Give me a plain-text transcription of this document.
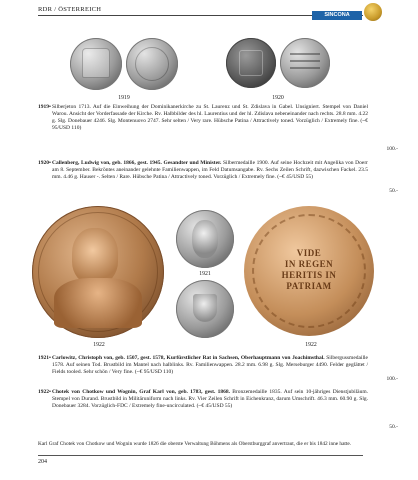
RDR / ÖSTERREICH
SINCONA
1919	1920
1919• Silberjeton 1713. Auf die Einweihung der Dominikanerkirche zu St. Laurenz und St. Zdislava in Gabel. Unsigniert. Stempel von Daniel Warou. Ansicht der Vorderfassade der Kirche. Rv. Halbbilder des hl. Laurentius und der hl. Zdislava nebeneinander nach rechts. 28.8 mm. 4.22 g. Slg. Donebauer 4246. Slg. Montenuovo 2747. Sehr selten / Very rare. Hübsche Patina / Attractively toned. Vorzüglich / Extremely fine. (~€ 95/USD 110)
100.-
1920• Callenberg, Ludwig von, geb. 1866, gest. 1945. Gesandter und Minister. Silbermedaille 1900. Auf seine Hochzeit mit Angelika von Doerr am 8. September. Bekröntes aneinander gelehnte Familienwappen, im Feld Datumsangabe. Rv. Sechs Zeilen Schrift, dazwischen Fackel. 23.5 mm. 4.46 g. Hauser -. Selten / Rare. Hübsche Patina / Attractively toned. Vorzüglich / Extremely fine. (~€ 45/USD 55)
50.-
1921
VIDE
IN REGEN
HERITIS IN
PATRIAM
1922	1922
1921• Carlowitz, Christoph von, geb. 1507, gest. 1578, Kurfürstlicher Rat in Sachsen, Oberhauptmann von Joachimsthal. Silbergussmedaille 1578. Auf seinen Tod. Brustbild im Mantel nach halblinks. Rv. Familienwappen. 28.2 mm. 6.98 g. Slg. Merseburger 4490. Felder geglättet / Fields tooled. Sehr schön / Very fine. (~€ 95/USD 110)
100.-
1922• Chotek von Chotkow und Wognin, Graf Karl von, geb. 1783, gest. 1868. Bronzemedaille 1835. Auf sein 10-jähriges Dienstjubiläum. Stempel von Durand. Brustbild in Militäruniform nach links. Rv. Vier Zeilen Schrift in Eichenkranz, darum Umschrift. 46.3 mm. 60.90 g. Slg. Donebauer 3284. Vorzüglich-FDC / Extremely fine-uncirculated. (~€ 45/USD 55)
50.-
Karl Graf Chotek von Chotkow und Wognin wurde 1826 die oberste Verwaltung Böhmens als Oberstburggraf anvertraut, die er bis 1842 inne hatte.
204
